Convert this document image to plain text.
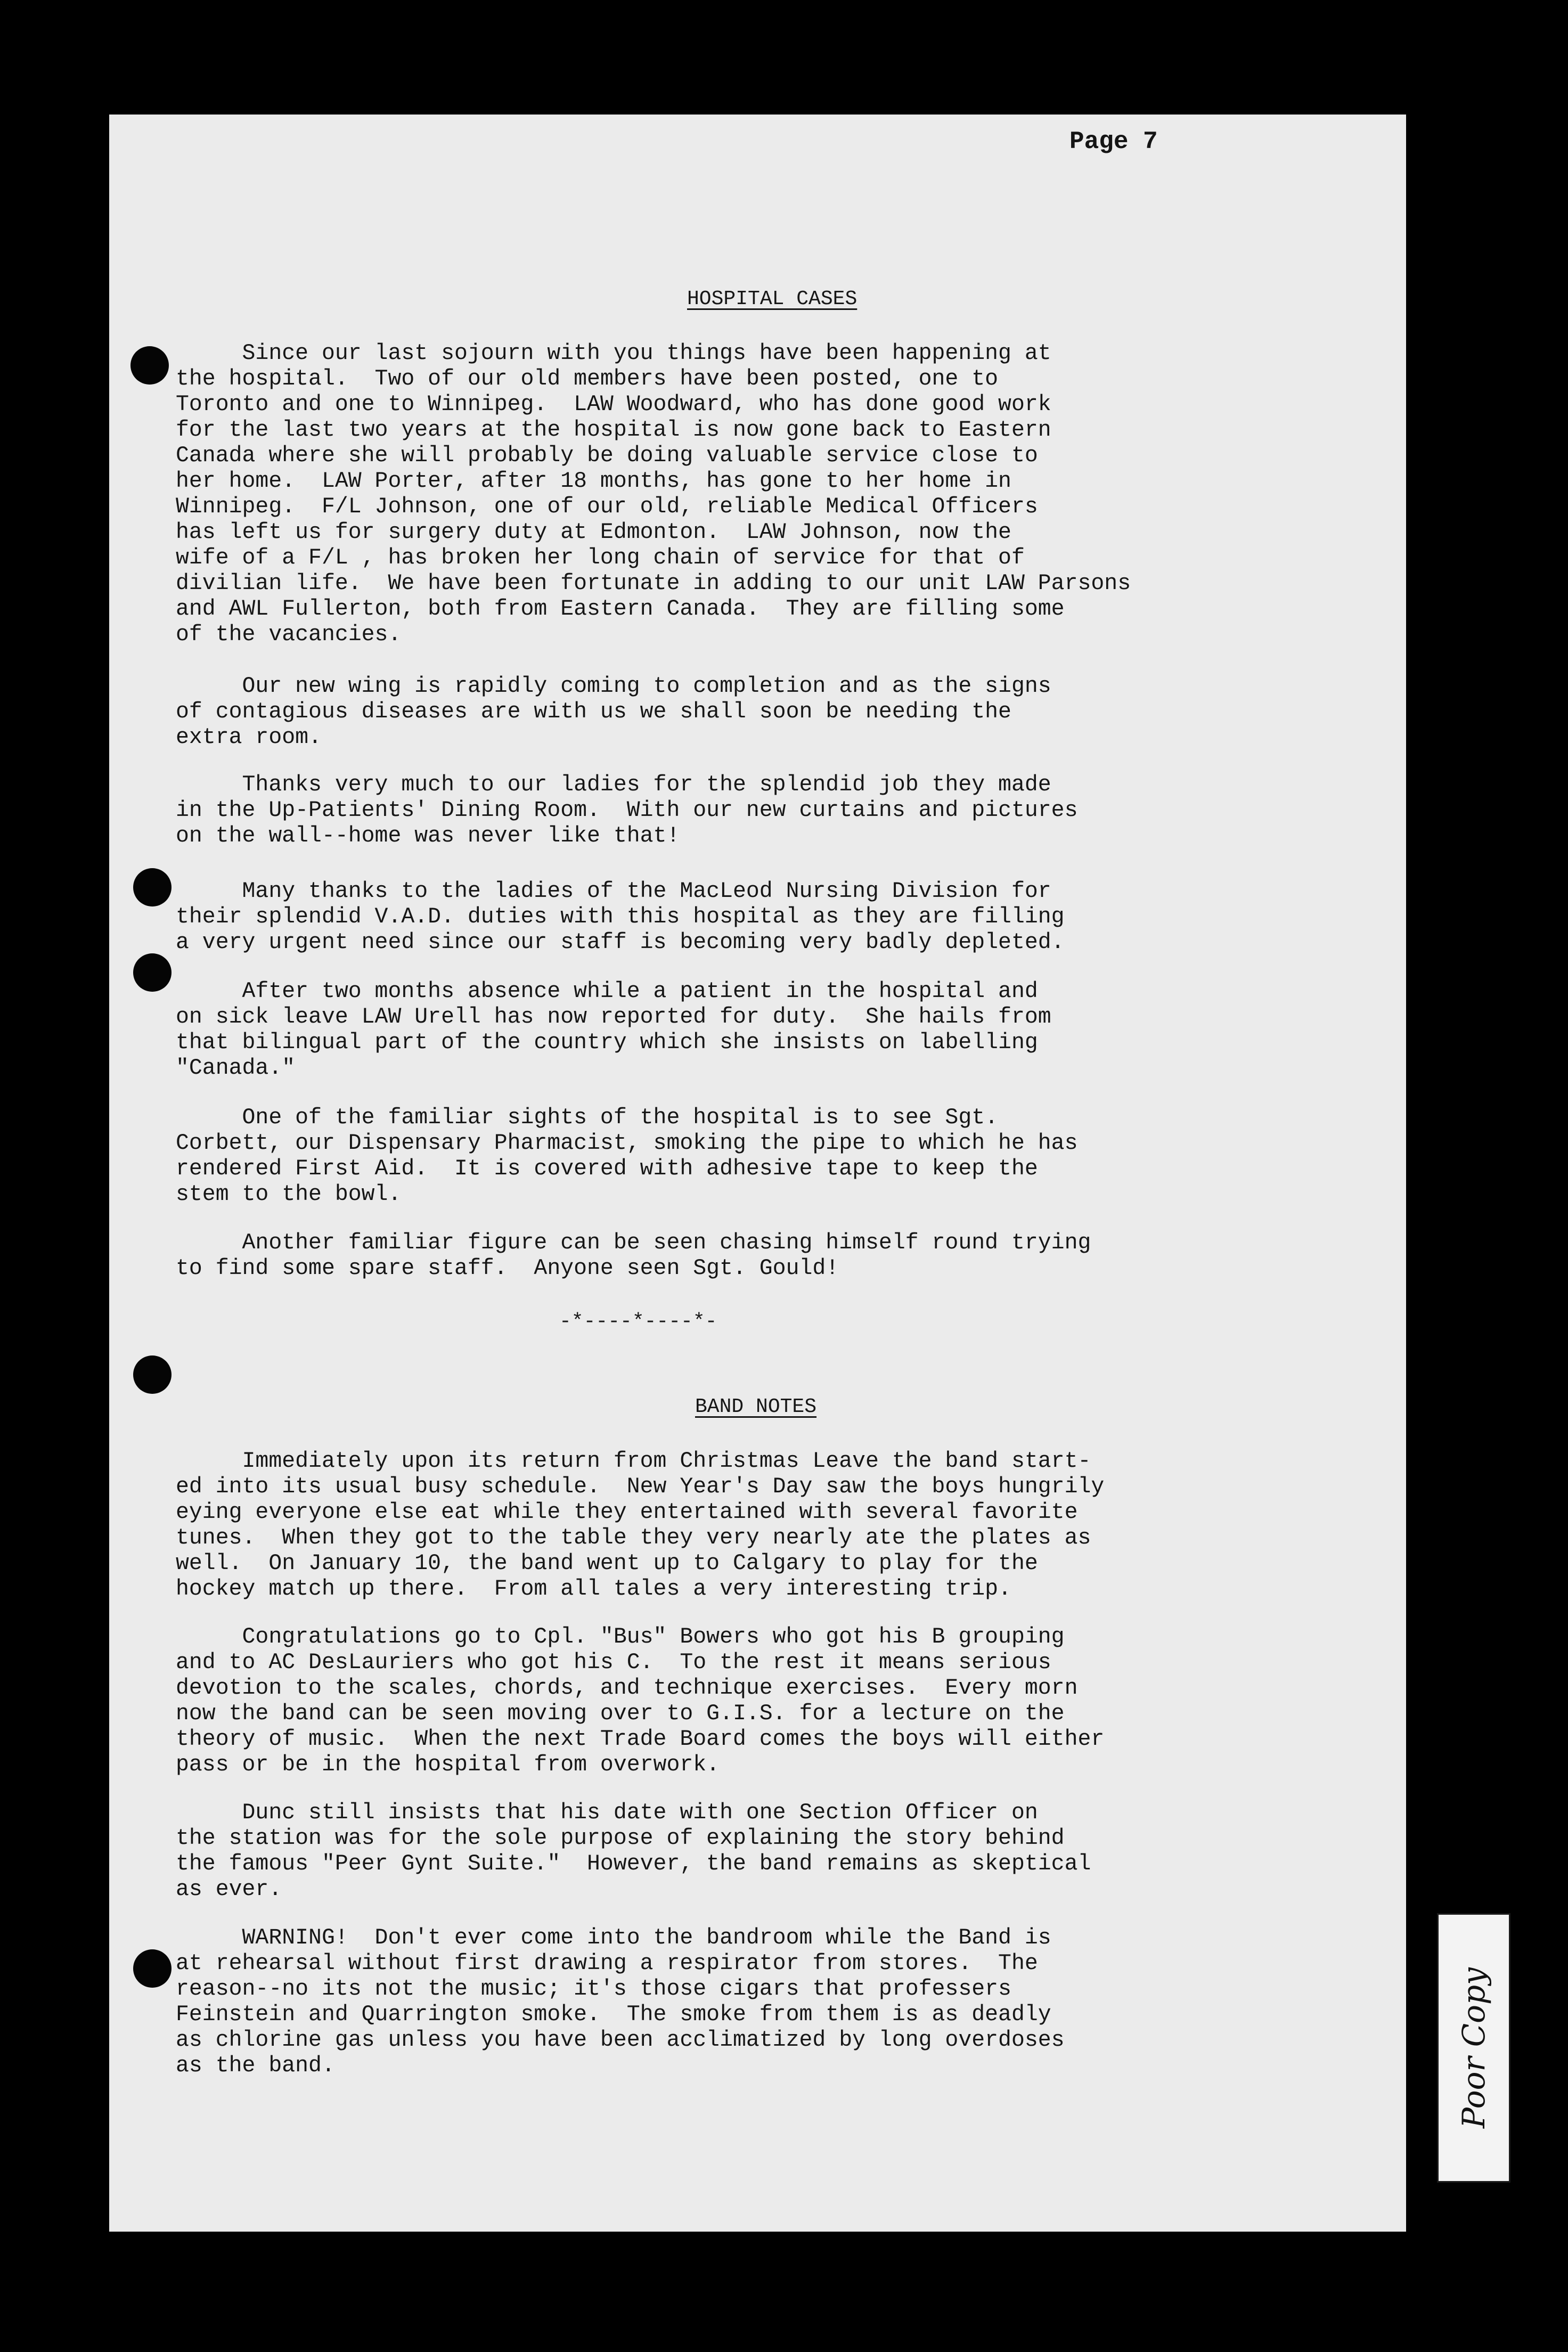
Page 7
HOSPITAL CASES

Since our last sojourn with you things have been happening at
the hospital.  Two of our old members have been posted, one to
Toronto and one to Winnipeg.  LAW Woodward, who has done good work
for the last two years at the hospital is now gone back to Eastern
Canada where she will probably be doing valuable service close to
her home.  LAW Porter, after 18 months, has gone to her home in
Winnipeg.  F/L Johnson, one of our old, reliable Medical Officers
has left us for surgery duty at Edmonton.  LAW Johnson, now the
wife of a F/L , has broken her long chain of service for that of
divilian life.  We have been fortunate in adding to our unit LAW Parsons
and AWL Fullerton, both from Eastern Canada.  They are filling some
of the vacancies.

Our new wing is rapidly coming to completion and as the signs
of contagious diseases are with us we shall soon be needing the
extra room.

Thanks very much to our ladies for the splendid job they made
in the Up-Patients' Dining Room.  With our new curtains and pictures
on the wall--home was never like that!

Many thanks to the ladies of the MacLeod Nursing Division for
their splendid V.A.D. duties with this hospital as they are filling
a very urgent need since our staff is becoming very badly depleted.

After two months absence while a patient in the hospital and
on sick leave LAW Urell has now reported for duty.  She hails from
that bilingual part of the country which she insists on labelling
"Canada."

One of the familiar sights of the hospital is to see Sgt.
Corbett, our Dispensary Pharmacist, smoking the pipe to which he has
rendered First Aid.  It is covered with adhesive tape to keep the
stem to the bowl.

Another familiar figure can be seen chasing himself round trying
to find some spare staff.  Anyone seen Sgt. Gould!

-*----*----*-
BAND NOTES

Immediately upon its return from Christmas Leave the band start-
ed into its usual busy schedule.  New Year's Day saw the boys hungrily
eying everyone else eat while they entertained with several favorite
tunes.  When they got to the table they very nearly ate the plates as
well.  On January 10, the band went up to Calgary to play for the
hockey match up there.  From all tales a very interesting trip.

Congratulations go to Cpl. "Bus" Bowers who got his B grouping
and to AC DesLauriers who got his C.  To the rest it means serious
devotion to the scales, chords, and technique exercises.  Every morn
now the band can be seen moving over to G.I.S. for a lecture on the
theory of music.  When the next Trade Board comes the boys will either
pass or be in the hospital from overwork.

Dunc still insists that his date with one Section Officer on
the station was for the sole purpose of explaining the story behind
the famous "Peer Gynt Suite."  However, the band remains as skeptical
as ever.

WARNING!  Don't ever come into the bandroom while the Band is
at rehearsal without first drawing a respirator from stores.  The
reason--no its not the music; it's those cigars that professers
Feinstein and Quarrington smoke.  The smoke from them is as deadly
as chlorine gas unless you have been acclimatized by long overdoses
as the band.	Poor Copy
